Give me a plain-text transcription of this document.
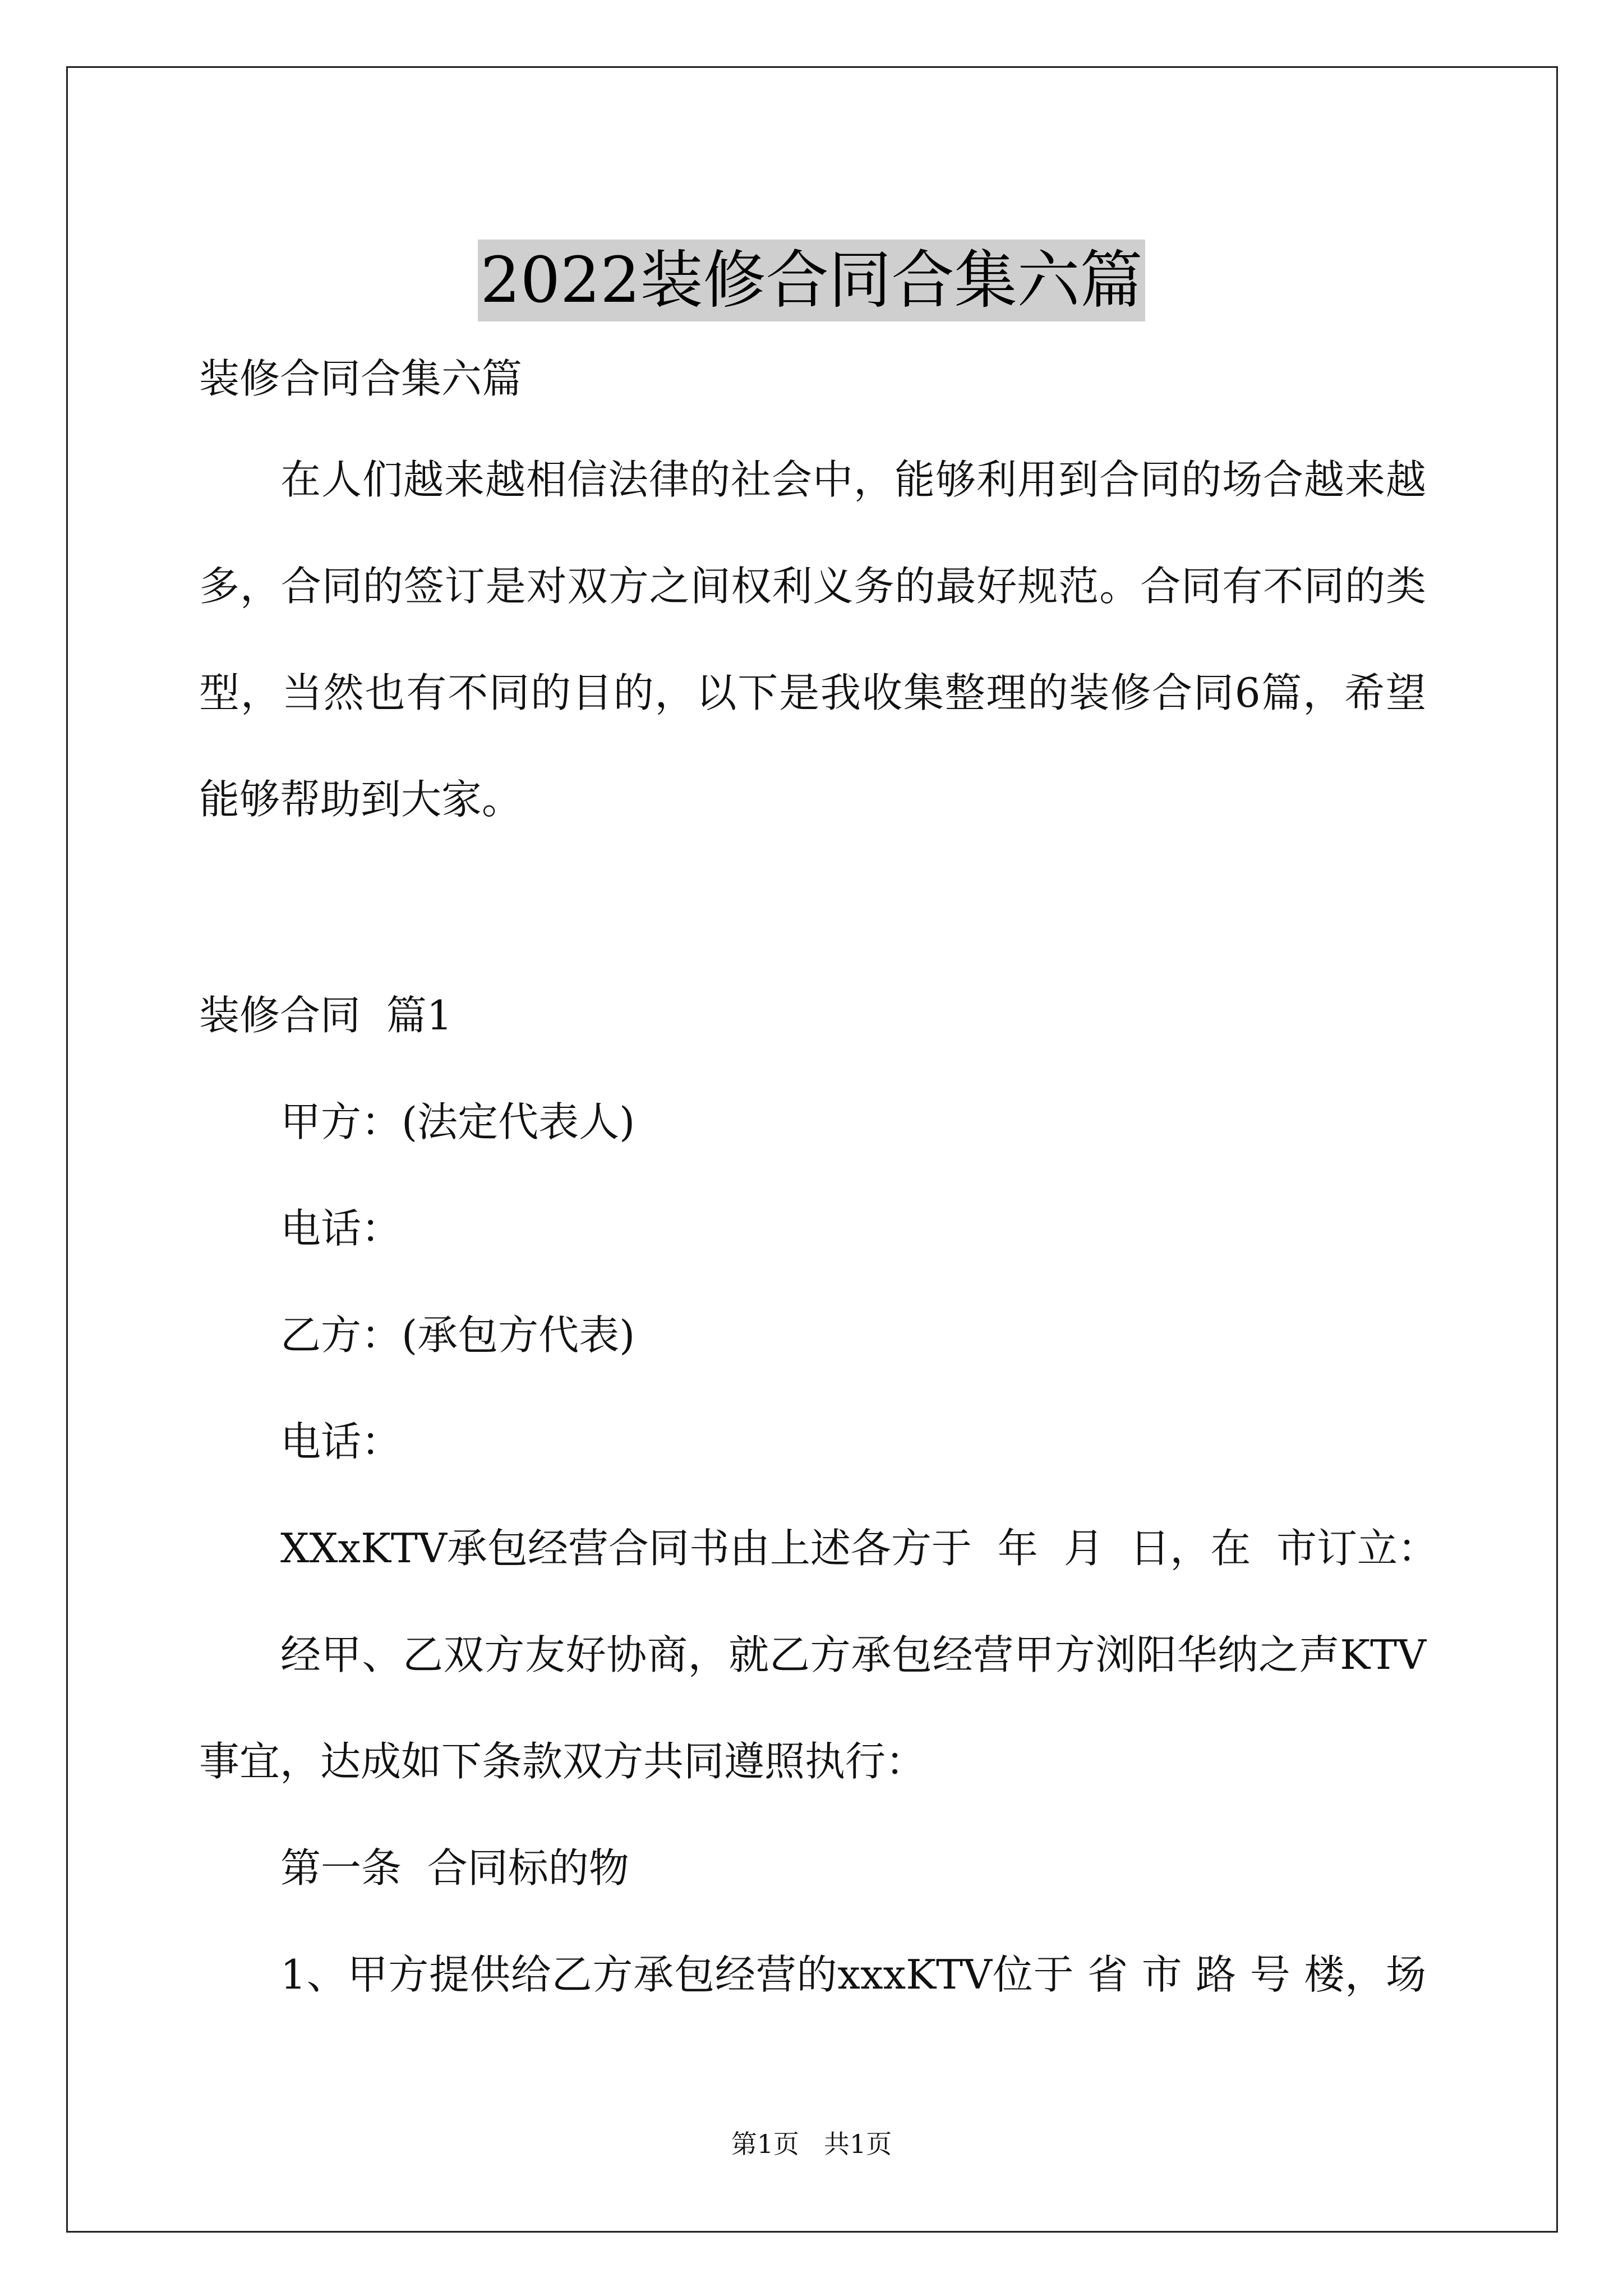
2022装修合同合集六篇
装修合同合集六篇
在人们越来越相信法律的社会中，能够利用到合同的场合越来越
多，合同的签订是对双方之间权利义务的最好规范。合同有不同的类
型，当然也有不同的目的，以下是我收集整理的装修合同6篇，希望
能够帮助到大家。
装修合同  篇1
甲方：(法定代表人)
电话：
乙方：(承包方代表)
电话：
XXxKTV承包经营合同书由上述各方于  年  月  日，在  市订立：
经甲、乙双方友好协商，就乙方承包经营甲方浏阳华纳之声KTV
事宜，达成如下条款双方共同遵照执行：
第一条  合同标的物
1、甲方提供给乙方承包经营的xxxKTV位于 省 市 路 号 楼，场
第1页 共1页
